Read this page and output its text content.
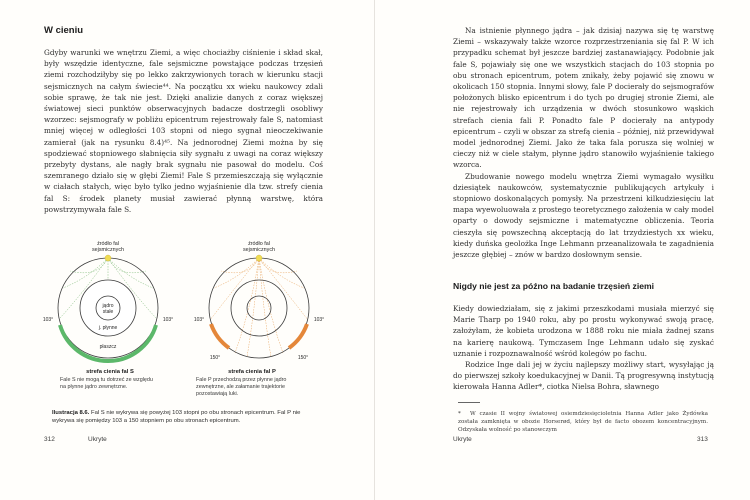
W cieniu

Gdyby warunki we wnętrzu Ziemi, a więc chociażby ciśnienie i skład skał, były wszędzie identyczne, fale sejsmiczne powstające podczas trzęsień ziemi rozchodziłyby się po lekko zakrzywionych torach w kierunku stacji sejsmicznych na całym świecie⁴⁴. Na początku xx wieku naukowcy zdali sobie sprawę, że tak nie jest. Dzięki analizie danych z coraz większej światowej sieci punktów obserwacyjnych badacze dostrzegli osobliwy wzorzec: sejsmografy w pobliżu epicentrum rejestrowały fale S, natomiast mniej więcej w odległości 103 stopni od niego sygnał nieoczekiwanie zamierał (jak na rysunku 8.4)⁴⁵. Na jednorodnej Ziemi można by się spodziewać stopniowego słabnięcia siły sygnału z uwagi na coraz większy przebyty dystans, ale nagły brak sygnału nie pasował do modelu. Coś szemranego działo się w głębi Ziemi! Fale S przemieszczają się wyłącznie w ciałach stałych, więc było tylko jedno wyjaśnienie dla tzw. strefy cienia fal S: środek planety musiał zawierać płynną warstwę, która powstrzymywała fale S.

źródło fal
sejsmicznych
jądro
stałe
j. płynne
płaszcz
103°	103°
strefa cienia fal S
Fale S nie mogą tu dotrzeć ze względu na płynne jądro zewnętrzne.
źródło fal
sejsmicznych
103°	103°
150°	150°
strefa cienia fal P
Fale P przechodzą przez płynne jądro zewnętrzne, ale załamanie trajektorie pozostawiają luki.
Ilustracja 8.6. Fal S nie wykrywa się powyżej 103 stopni po obu stronach epicentrum. Fal P nie wykrywa się pomiędzy 103 a 150 stopniem po obu stronach epicentrum.
312	Ukryte

Na istnienie płynnego jądra – jak dzisiaj nazywa się tę warstwę Ziemi – wskazywały także wzorce rozprzestrzeniania się fal P. W ich przypadku schemat był jeszcze bardziej zastanawiający. Podobnie jak fale S, pojawiały się one we wszystkich stacjach do 103 stopnia po obu stronach epicentrum, potem znikały, żeby pojawić się znowu w okolicach 150 stopnia. Innymi słowy, fale P docierały do sejsmografów położonych blisko epicentrum i do tych po drugiej stronie Ziemi, ale nie rejestrowały ich urządzenia w dwóch stosunkowo wąskich strefach cienia fali P. Ponadto fale P docierały na antypody epicentrum – czyli w obszar za strefą cienia – później, niż przewidywał model jednorodnej Ziemi. Jako że taka fala porusza się wolniej w cieczy niż w ciele stałym, płynne jądro stanowiło wyjaśnienie takiego wzorca.

Zbudowanie nowego modelu wnętrza Ziemi wymagało wysiłku dziesiątek naukowców, systematycznie publikujących artykuły i stopniowo doskonalących pomysły. Na przestrzeni kilkudziesięciu lat mapa wyewoluowała z prostego teoretycznego założenia w cały model oparty o dowody sejsmiczne i matematyczne obliczenia. Teoria cieszyła się powszechną akceptacją do lat trzydziestych xx wieku, kiedy duńska geolożka Inge Lehmann przeanalizowała te zagadnienia jeszcze głębiej – znów w bardzo dosłownym sensie.

Nigdy nie jest za późno na badanie trzęsień ziemi

Kiedy dowiedziałam, się z jakimi przeszkodami musiała mierzyć się Marie Tharp po 1940 roku, aby po prostu wykonywać swoją pracę, założyłam, że kobieta urodzona w 1888 roku nie miała żadnej szans na karierę naukową. Tymczasem Inge Lehmann udało się zyskać uznanie i rozpoznawalność wśród kolegów po fachu.

Rodzice Inge dali jej w życiu najlepszy możliwy start, wysyłając ją do pierwszej szkoły koedukacyjnej w Danii. Tą progresywną instytucją kierowała Hanna Adler*, ciotka Nielsa Bohra, sławnego

* W czasie II wojny światowej osiemdziesięcioletnia Hanna Adler jako Żydówka została zamknięta w obozie Horserød, który był de facto obozem koncentracyjnym. Odzyskała wolność po stanowczym
Ukryte	313
